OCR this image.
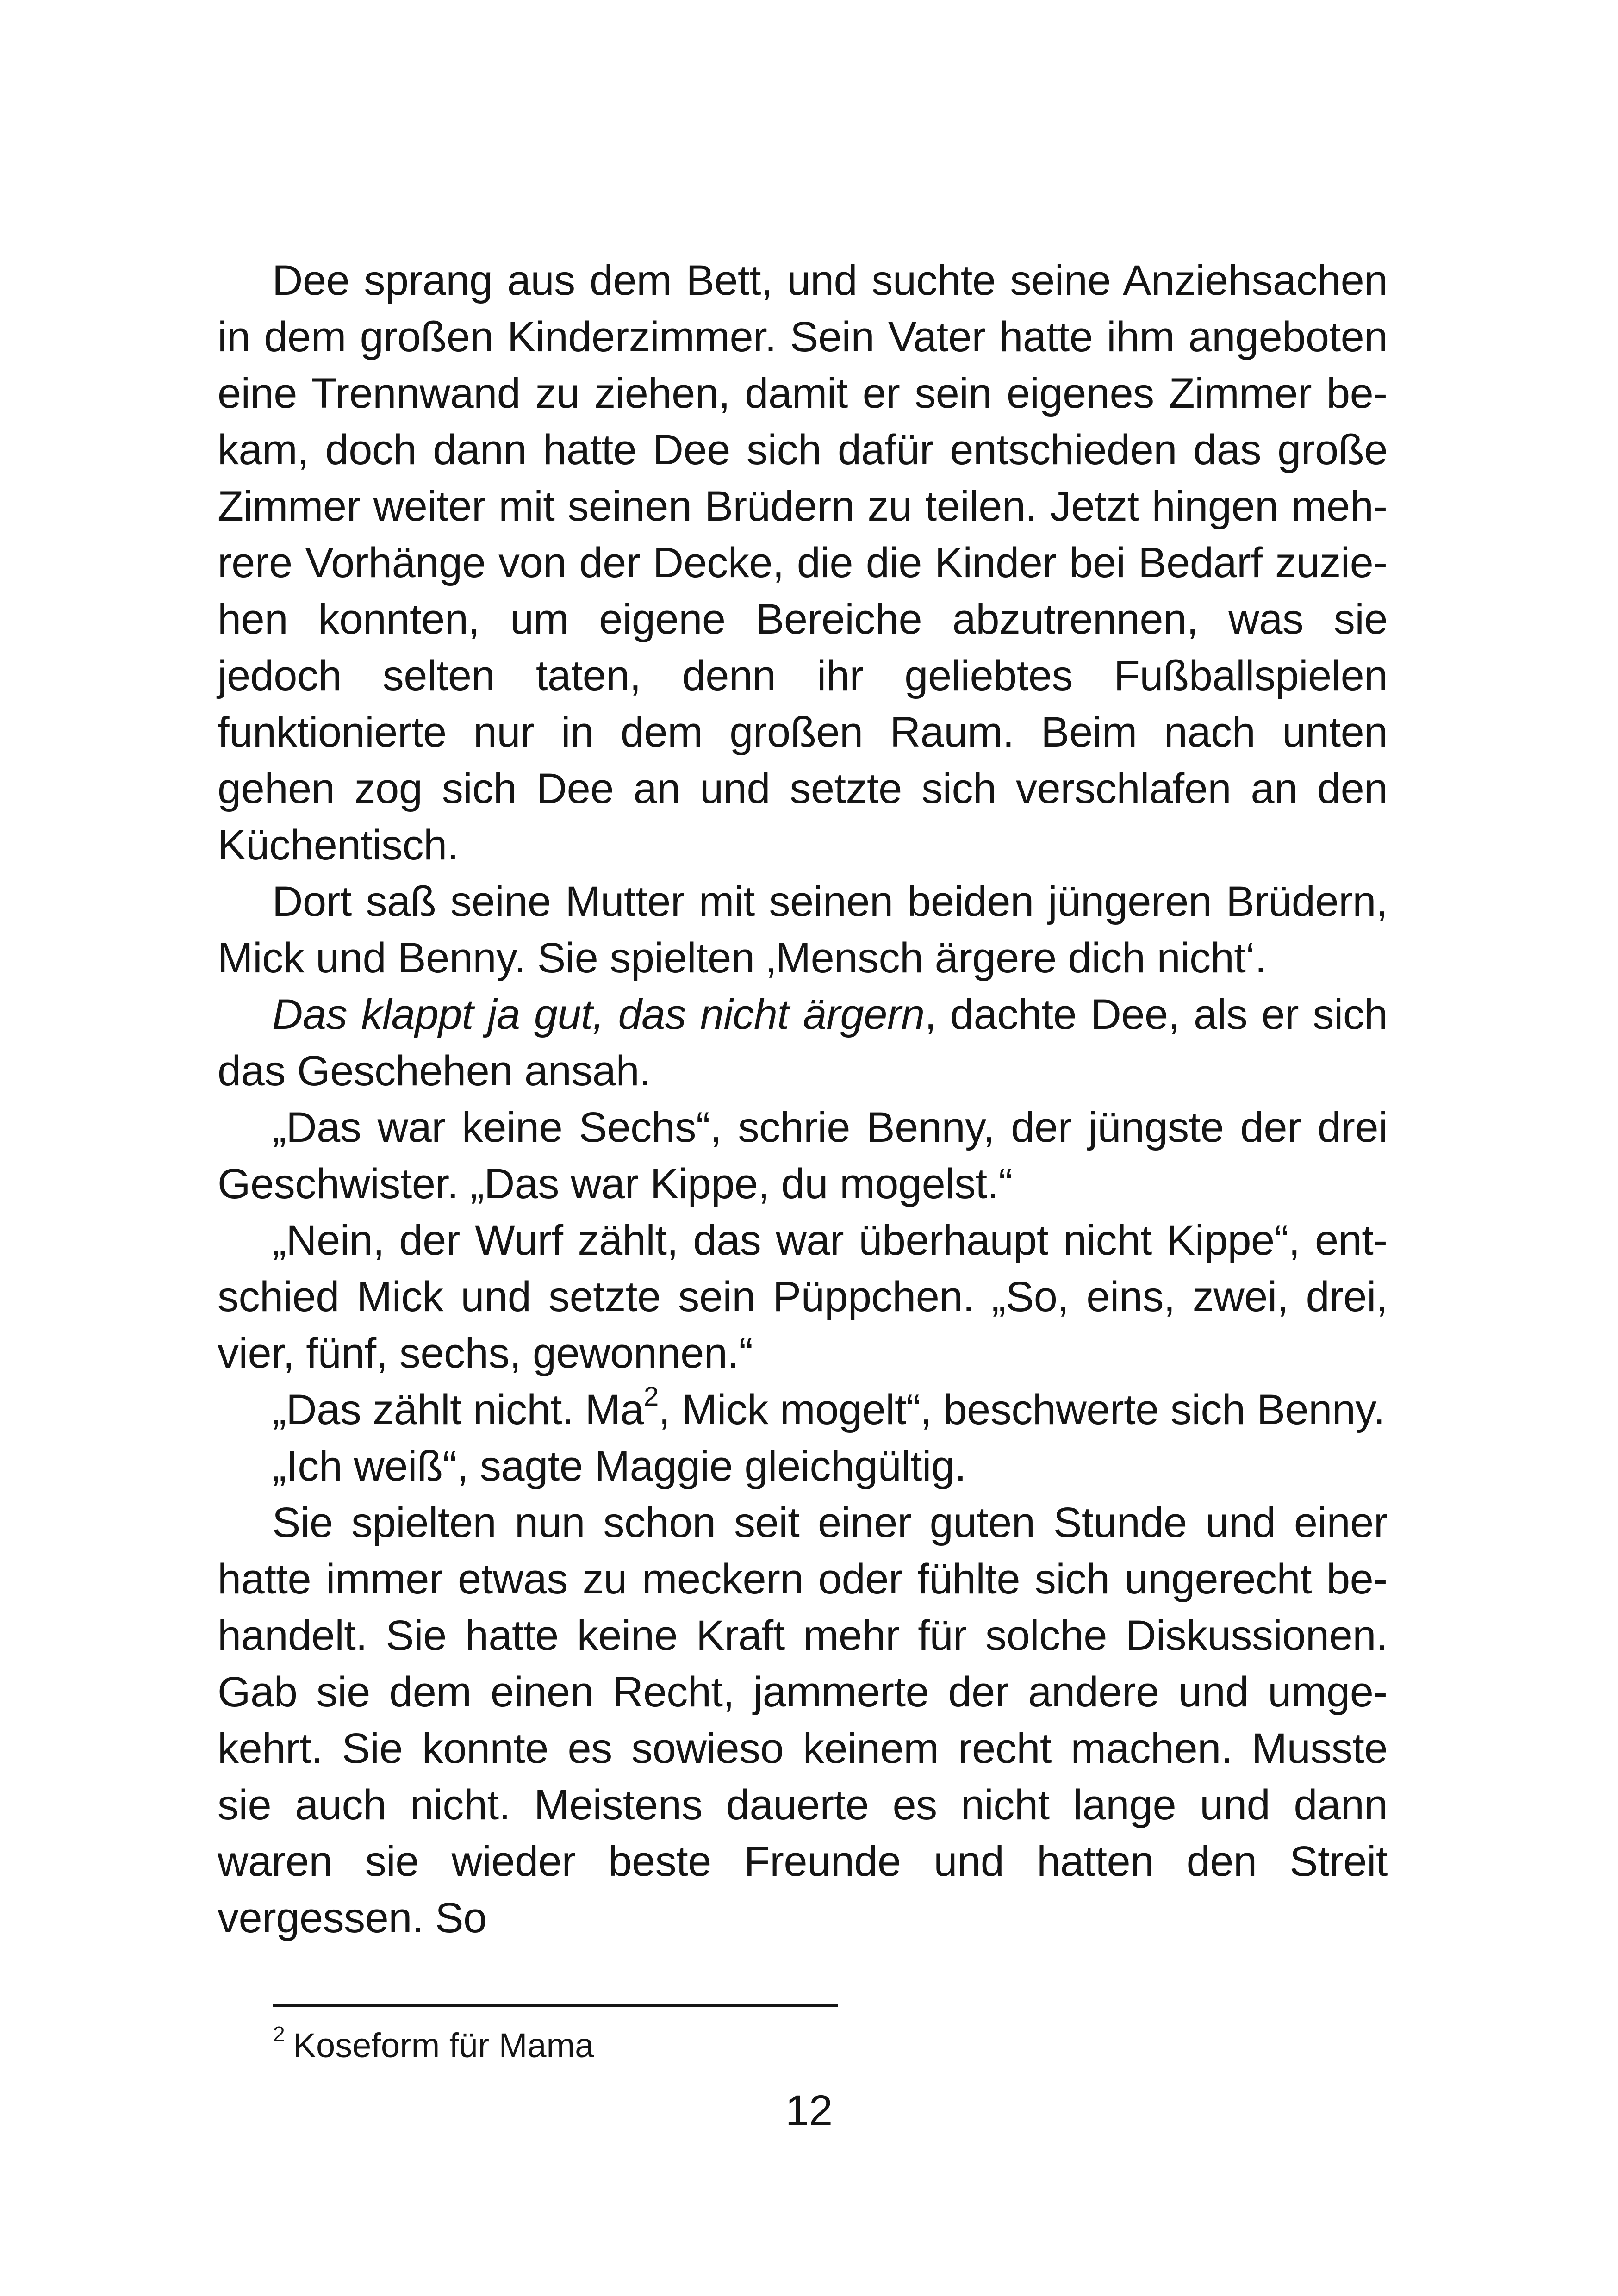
Dee sprang aus dem Bett, und suchte seine Anziehsachen in dem großen Kinderzimmer. Sein Vater hatte ihm angeboten eine Trennwand zu ziehen, damit er sein eigenes Zimmer bekam, doch dann hatte Dee sich dafür entschieden das große Zimmer weiter mit seinen Brüdern zu teilen. Jetzt hingen mehrere Vorhänge von der Decke, die die Kinder bei Bedarf zuziehen konnten, um eigene Bereiche abzutrennen, was sie jedoch selten taten, denn ihr geliebtes Fußballspielen funktionierte nur in dem großen Raum. Beim nach unten gehen zog sich Dee an und setzte sich verschlafen an den Küchentisch.

Dort saß seine Mutter mit seinen beiden jüngeren Brüdern, Mick und Benny. Sie spielten ‚Mensch ärgere dich nicht‘.

Das klappt ja gut, das nicht ärgern, dachte Dee, als er sich das Geschehen ansah.

„Das war keine Sechs“, schrie Benny, der jüngste der drei Geschwister. „Das war Kippe, du mogelst.“

„Nein, der Wurf zählt, das war überhaupt nicht Kippe“, entschied Mick und setzte sein Püppchen. „So, eins, zwei, drei, vier, fünf, sechs, gewonnen.“

„Das zählt nicht. Ma$^2$, Mick mogelt“, beschwerte sich Benny.

„Ich weiß“, sagte Maggie gleichgültig.

Sie spielten nun schon seit einer guten Stunde und einer hatte immer etwas zu meckern oder fühlte sich ungerecht behandelt. Sie hatte keine Kraft mehr für solche Diskussionen. Gab sie dem einen Recht, jammerte der andere und umgekehrt. Sie konnte es sowieso keinem recht machen. Musste sie auch nicht. Meistens dauerte es nicht lange und dann waren sie wieder beste Freunde und hatten den Streit vergessen. So

$^2$ Koseform für Mama
12
